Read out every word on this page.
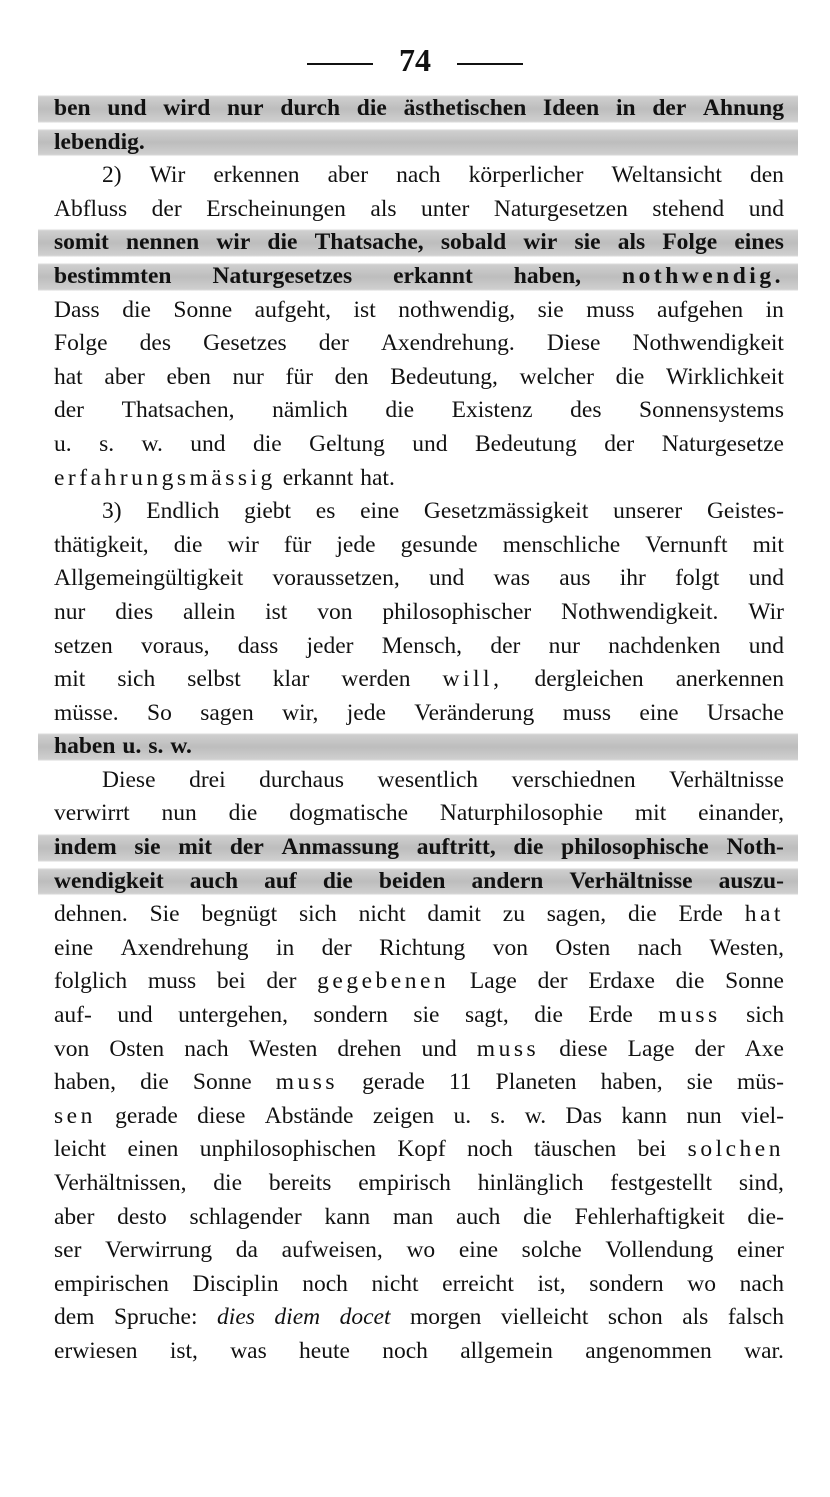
74
ben und wird nur durch die ästhetischen Ideen in der Ahnung
lebendig.
2) Wir erkennen aber nach körperlicher Weltansicht den
Abfluss der Erscheinungen als unter Naturgesetzen stehend und
somit nennen wir die Thatsache, sobald wir sie als Folge eines
bestimmten Naturgesetzes erkannt haben, nothwendig.
Dass die Sonne aufgeht, ist nothwendig, sie muss aufgehen in
Folge des Gesetzes der Axendrehung. Diese Nothwendigkeit
hat aber eben nur für den Bedeutung, welcher die Wirklichkeit
der Thatsachen, nämlich die Existenz des Sonnensystems
u. s. w. und die Geltung und Bedeutung der Naturgesetze
erfahrungsmässig erkannt hat.
3) Endlich giebt es eine Gesetzmässigkeit unserer Geistes-
thätigkeit, die wir für jede gesunde menschliche Vernunft mit
Allgemeingültigkeit voraussetzen, und was aus ihr folgt und
nur dies allein ist von philosophischer Nothwendigkeit. Wir
setzen voraus, dass jeder Mensch, der nur nachdenken und
mit sich selbst klar werden will, dergleichen anerkennen
müsse. So sagen wir, jede Veränderung muss eine Ursache
haben u. s. w.
Diese drei durchaus wesentlich verschiednen Verhältnisse
verwirrt nun die dogmatische Naturphilosophie mit einander,
indem sie mit der Anmassung auftritt, die philosophische Noth-
wendigkeit auch auf die beiden andern Verhältnisse auszu-
dehnen. Sie begnügt sich nicht damit zu sagen, die Erde hat
eine Axendrehung in der Richtung von Osten nach Westen,
folglich muss bei der gegebenen Lage der Erdaxe die Sonne
auf- und untergehen, sondern sie sagt, die Erde muss sich
von Osten nach Westen drehen und muss diese Lage der Axe
haben, die Sonne muss gerade 11 Planeten haben, sie müs-
sen gerade diese Abstände zeigen u. s. w. Das kann nun viel-
leicht einen unphilosophischen Kopf noch täuschen bei solchen
Verhältnissen, die bereits empirisch hinlänglich festgestellt sind,
aber desto schlagender kann man auch die Fehlerhaftigkeit die-
ser Verwirrung da aufweisen, wo eine solche Vollendung einer
empirischen Disciplin noch nicht erreicht ist, sondern wo nach
dem Spruche: dies diem docet morgen vielleicht schon als falsch
erwiesen ist, was heute noch allgemein angenommen war.
